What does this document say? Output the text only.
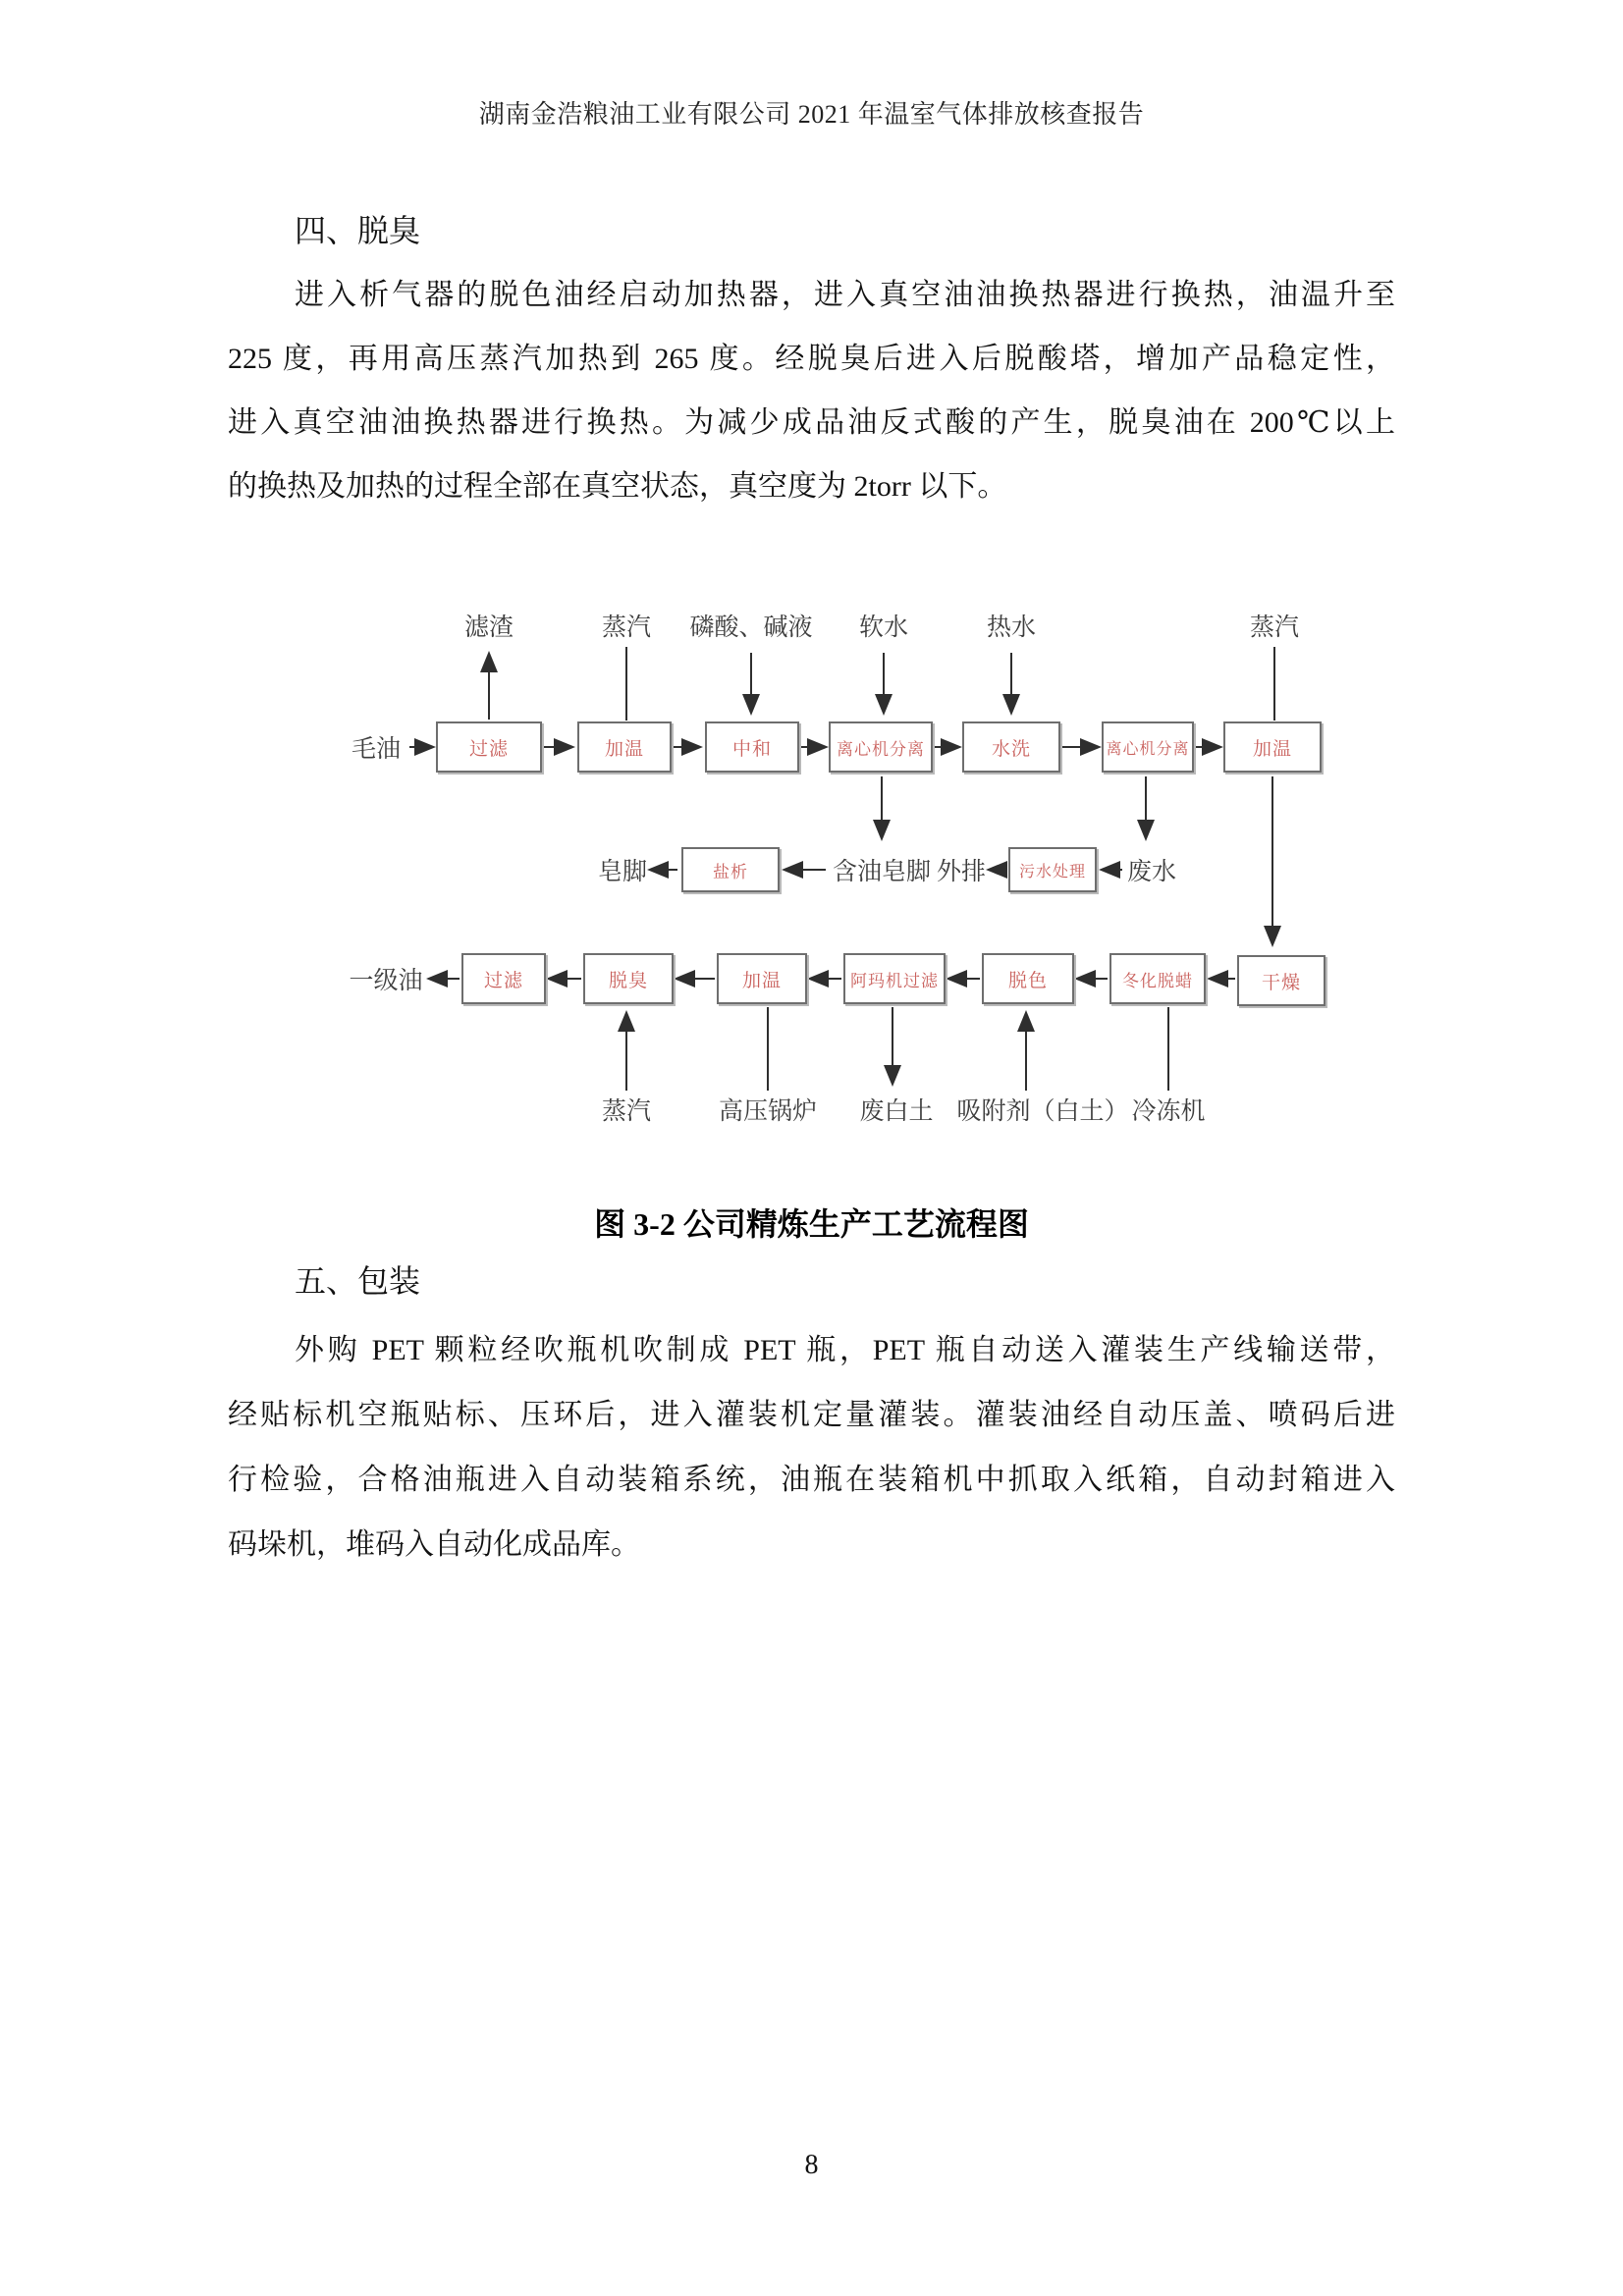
湖南金浩粮油工业有限公司 2021 年温室气体排放核查报告
四、脱臭
进入析气器的脱色油经启动加热器，进入真空油油换热器进行换热，油温升至
225 度，再用高压蒸汽加热到 265 度。经脱臭后进入后脱酸塔，增加产品稳定性，
进入真空油油换热器进行换热。为减少成品油反式酸的产生，脱臭油在 200℃以上
的换热及加热的过程全部在真空状态，真空度为 2torr 以下。
滤渣	蒸汽 磷酸、碱液 软水	热水	蒸汽
毛油	过滤	加温	中和	离心机分离	水洗	离心机分离	加温
皂脚	盐析	含油皂脚 外排	污水处理	废水
一级油	过滤	脱臭	加温	阿玛机过滤	脱色	冬化脱蜡	干燥
蒸汽	高压锅炉 废白土 吸附剂（白土） 冷冻机
图 3-2 公司精炼生产工艺流程图
五、包装
外购 PET 颗粒经吹瓶机吹制成 PET 瓶，PET 瓶自动送入灌装生产线输送带，
经贴标机空瓶贴标、压环后，进入灌装机定量灌装。灌装油经自动压盖、喷码后进
行检验，合格油瓶进入自动装箱系统，油瓶在装箱机中抓取入纸箱，自动封箱进入
码垛机，堆码入自动化成品库。
8
